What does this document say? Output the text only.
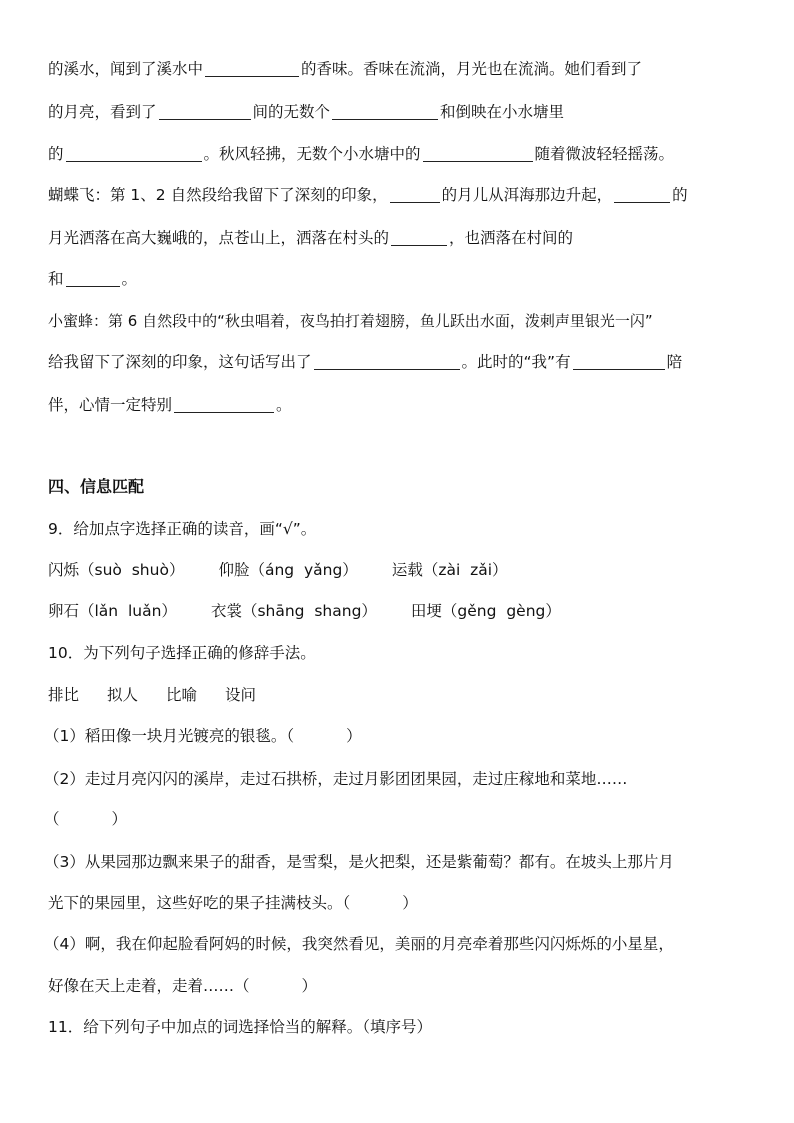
的溪水，闻到了溪水中	的香味。香味在流淌，月光也在流淌。她们看到了
的月亮，看到了	间的无数个	和倒映在小水塘里
的	。秋风轻拂，无数个小水塘中的	随着微波轻轻摇荡。
蝴蝶飞：第 1、2 自然段给我留下了深刻的印象，	的月儿从洱海那边升起，	的
月光洒落在高大巍峨的，点苍山上，洒落在村头的	，也洒落在村间的
和	。
小蜜蜂：第 6 自然段中的“秋虫唱着，夜鸟拍打着翅膀，鱼儿跃出水面，泼刺声里银光一闪”
给我留下了深刻的印象，这句话写出了	。此时的“我”有	陪
伴，心情一定特别	。
四、信息匹配
9．给加点字选择正确的读音，画“√”。
闪烁（suò  shuò） 仰脸（áng  yǎng） 运载（zài  zǎi）
卵石（lǎn  luǎn） 衣裳（shāng  shang） 田埂（gěng  gèng）
10．为下列句子选择正确的修辞手法。
排比 拟人 比喻 设问
（1）稻田像一块月光镀亮的银毯。（	）
（2）走过月亮闪闪的溪岸，走过石拱桥，走过月影团团果园，走过庄稼地和菜地……
（	）
（3）从果园那边飘来果子的甜香，是雪梨，是火把梨，还是紫葡萄？都有。在坡头上那片月
光下的果园里，这些好吃的果子挂满枝头。（	）
（4）啊，我在仰起脸看阿妈的时候，我突然看见，美丽的月亮牵着那些闪闪烁烁的小星星，
好像在天上走着，走着……（	）
11．给下列句子中加点的词选择恰当的解释。（填序号）
